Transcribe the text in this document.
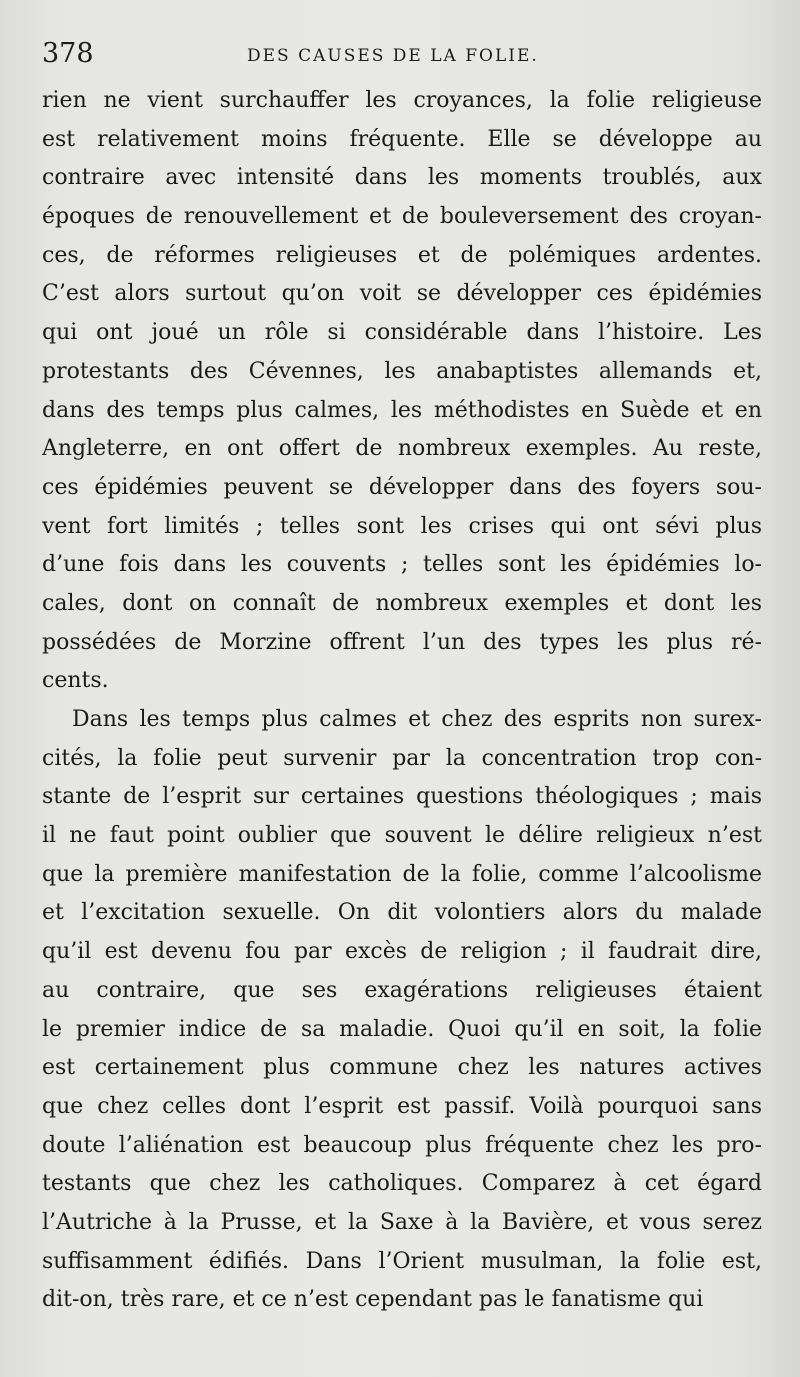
378	DES CAUSES DE LA FOLIE.
rien ne vient surchauffer les croyances, la folie religieuse
est relativement moins fréquente. Elle se développe au
contraire avec intensité dans les moments troublés, aux
époques de renouvellement et de bouleversement des croyan-
ces, de réformes religieuses et de polémiques ardentes.
C’est alors surtout qu’on voit se développer ces épidémies
qui ont joué un rôle si considérable dans l’histoire. Les
protestants des Cévennes, les anabaptistes allemands et,
dans des temps plus calmes, les méthodistes en Suède et en
Angleterre, en ont offert de nombreux exemples. Au reste,
ces épidémies peuvent se développer dans des foyers sou-
vent fort limités ; telles sont les crises qui ont sévi plus
d’une fois dans les couvents ; telles sont les épidémies lo-
cales, dont on connaît de nombreux exemples et dont les
possédées de Morzine offrent l’un des types les plus ré-
cents.
Dans les temps plus calmes et chez des esprits non surex-
cités, la folie peut survenir par la concentration trop con-
stante de l’esprit sur certaines questions théologiques ; mais
il ne faut point oublier que souvent le délire religieux n’est
que la première manifestation de la folie, comme l’alcoolisme
et l’excitation sexuelle. On dit volontiers alors du malade
qu’il est devenu fou par excès de religion ; il faudrait dire,
au contraire, que ses exagérations religieuses étaient
le premier indice de sa maladie. Quoi qu’il en soit, la folie
est certainement plus commune chez les natures actives
que chez celles dont l’esprit est passif. Voilà pourquoi sans
doute l’aliénation est beaucoup plus fréquente chez les pro-
testants que chez les catholiques. Comparez à cet égard
l’Autriche à la Prusse, et la Saxe à la Bavière, et vous serez
suffisamment édifiés. Dans l’Orient musulman, la folie est,
dit-on, très rare, et ce n’est cependant pas le fanatisme qui
